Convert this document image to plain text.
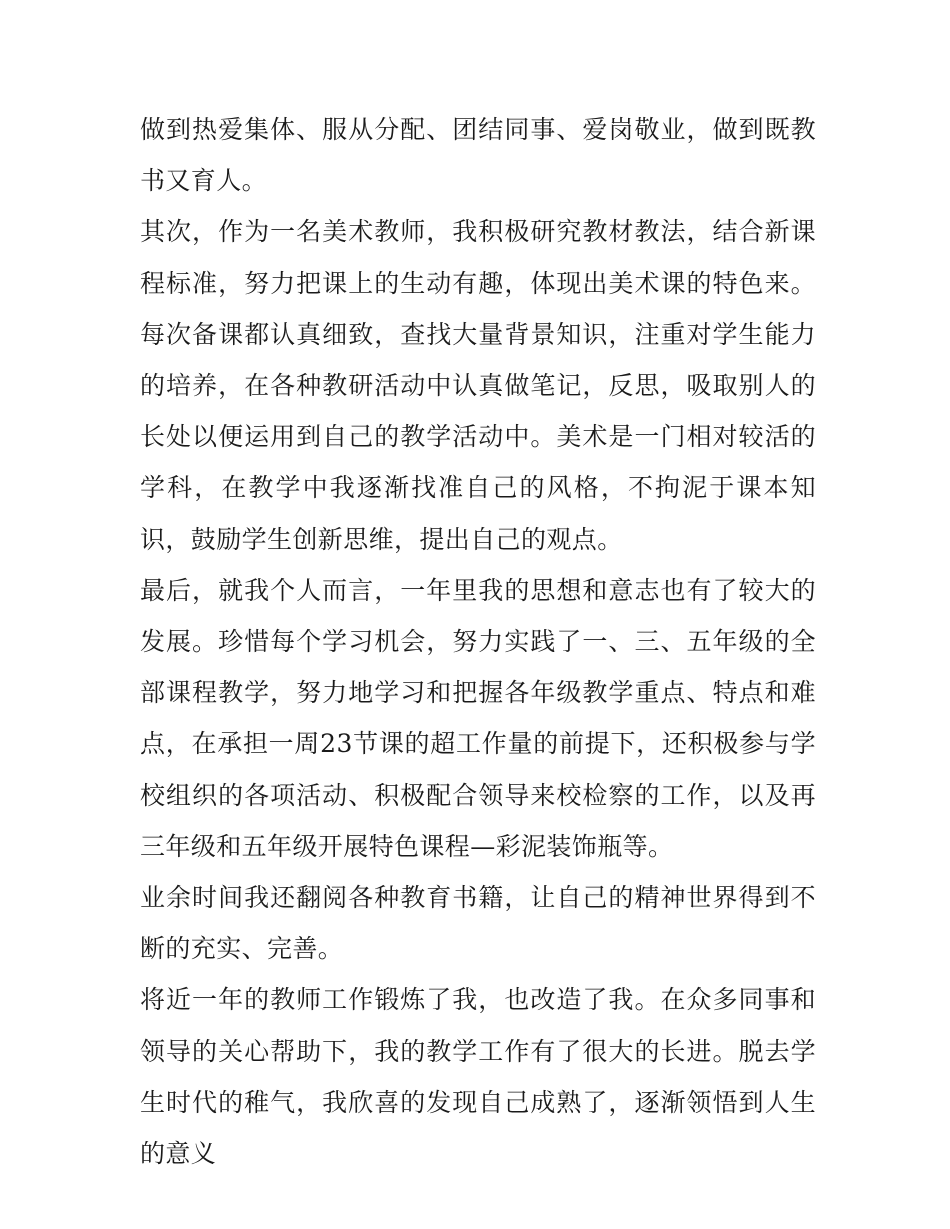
做到热爱集体、服从分配、团结同事、爱岗敬业，做到既教书又育人。

其次，作为一名美术教师，我积极研究教材教法，结合新课程标准，努力把课上的生动有趣，体现出美术课的特色来。每次备课都认真细致，查找大量背景知识，注重对学生能力的培养，在各种教研活动中认真做笔记，反思，吸取别人的长处以便运用到自己的教学活动中。美术是一门相对较活的学科，在教学中我逐渐找准自己的风格，不拘泥于课本知识，鼓励学生创新思维，提出自己的观点。

最后，就我个人而言，一年里我的思想和意志也有了较大的发展。珍惜每个学习机会，努力实践了一、三、五年级的全部课程教学，努力地学习和把握各年级教学重点、特点和难点，在承担一周23节课的超工作量的前提下，还积极参与学校组织的各项活动、积极配合领导来校检察的工作，以及再三年级和五年级开展特色课程—彩泥装饰瓶等。

业余时间我还翻阅各种教育书籍，让自己的精神世界得到不断的充实、完善。

将近一年的教师工作锻炼了我，也改造了我。在众多同事和领导的关心帮助下，我的教学工作有了很大的长进。脱去学生时代的稚气，我欣喜的发现自己成熟了，逐渐领悟到人生的意义
